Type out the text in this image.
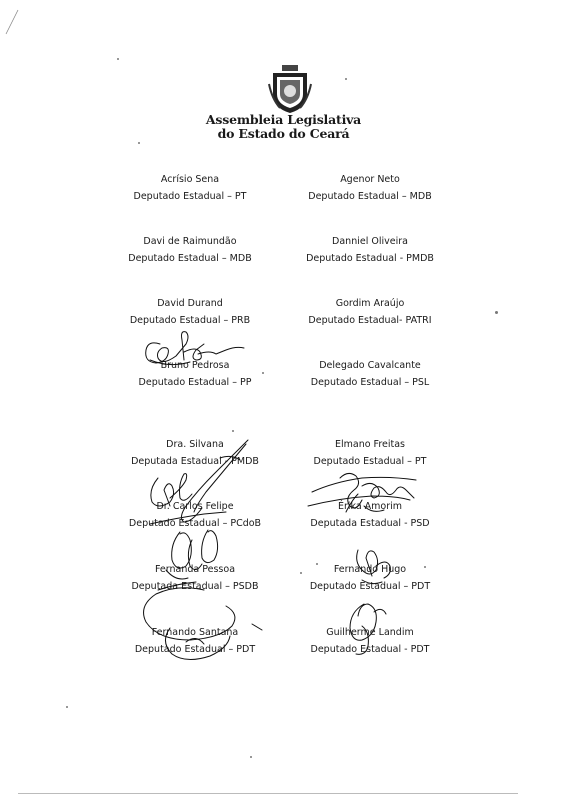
Assembleia Legislativa
do Estado do Ceará
Acrísio Sena
Deputado Estadual – PT
Agenor Neto
Deputado Estadual – MDB
Davi de Raimundão
Deputado Estadual – MDB
Danniel Oliveira
Deputado Estadual - PMDB
David Durand
Deputado Estadual – PRB
Gordim Araújo
Deputado Estadual- PATRI
Bruno Pedrosa
Deputado Estadual – PP
Delegado Cavalcante
Deputado Estadual – PSL
Dra. Silvana
Deputada Estadual - PMDB
Elmano Freitas
Deputado Estadual – PT
Dr. Carlos Felipe
Deputado Estadual – PCdoB
Érika Amorim
Deputada Estadual - PSD
Fernanda Pessoa
Deputada Estadual – PSDB
Fernando Hugo
Deputado Estadual – PDT
Fernando Santana
Deputado Estadual – PDT
Guilherme Landim
Deputado Estadual - PDT
